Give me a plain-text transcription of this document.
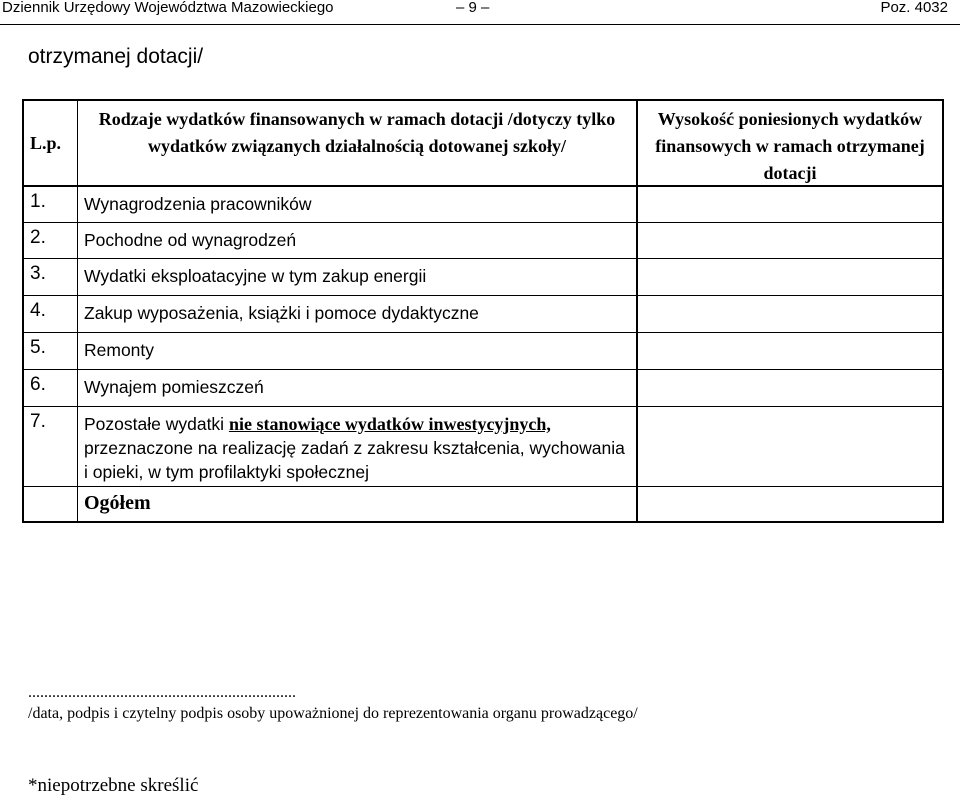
Dziennik Urzędowy Województwa Mazowieckiego	– 9 –	Poz. 4032
otrzymanej dotacji/
L.p.
Rodzaje wydatków finansowanych w ramach dotacji /dotyczy tylko wydatków związanych działalnością dotowanej szkoły/
Wysokość poniesionych wydatków finansowych w ramach otrzymanej dotacji
1. Wynagrodzenia pracowników
2. Pochodne od wynagrodzeń
3. Wydatki eksploatacyjne w tym zakup energii
4. Zakup wyposażenia, książki i pomoce dydaktyczne
5. Remonty
6. Wynajem pomieszczeń
7. Pozostałe wydatki nie stanowiące wydatków inwestycyjnych, przeznaczone na realizację zadań z zakresu kształcenia, wychowania i opieki, w tym profilaktyki społecznej
Ogółem
...................................................................
/data, podpis i czytelny podpis osoby upoważnionej do reprezentowania organu prowadzącego/
*niepotrzebne skreślić
